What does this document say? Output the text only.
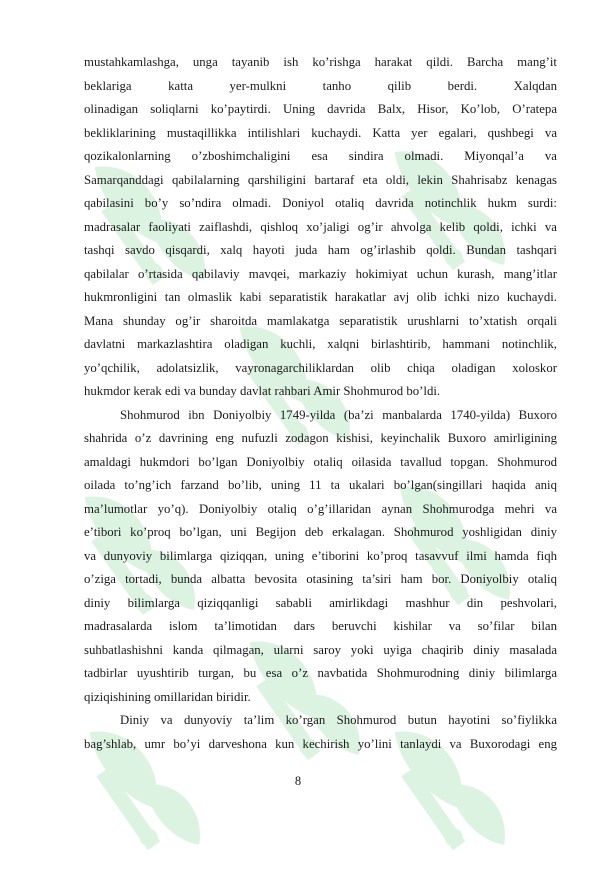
mustahkamlashga, unga tayanib ish ko’rishga harakat qildi. Barcha mang’it
beklariga katta yer-mulkni tanho qilib berdi. Xalqdan
olinadigan soliqlarni ko’paytirdi. Uning davrida Balx, Hisor, Ko’lob, O’ratepa
bekliklarining mustaqillikka intilishlari kuchaydi. Katta yer egalari, qushbegi va
qozikalonlarning o’zboshimchaligini esa sindira olmadi. Miyonqal’a va
Samarqanddagi qabilalarning qarshiligini bartaraf eta oldi, lekin Shahrisabz kenagas
qabilasini bo’y so’ndira olmadi. Doniyol otaliq davrida notinchlik hukm surdi:
madrasalar faoliyati zaiflashdi, qishloq xo’jaligi og’ir ahvolga kelib qoldi, ichki va
tashqi savdo qisqardi, xalq hayoti juda ham og’irlashib qoldi. Bundan tashqari
qabilalar o’rtasida qabilaviy mavqei, markaziy hokimiyat uchun kurash, mang’itlar
hukmronligini tan olmaslik kabi separatistik harakatlar avj olib ichki nizo kuchaydi.
Mana shunday og’ir sharoitda mamlakatga separatistik urushlarni to’xtatish orqali
davlatni markazlashtira oladigan kuchli, xalqni birlashtirib, hammani notinchlik,
yo’qchilik, adolatsizlik, vayronagarchiliklardan olib chiqa oladigan xoloskor
hukmdor kerak edi va bunday davlat rahbari Amir Shohmurod bo’ldi.
Shohmurod ibn Doniyolbiy 1749-yilda (ba’zi manbalarda 1740-yilda) Buxoro
shahrida o’z davrining eng nufuzli zodagon kishisi, keyinchalik Buxoro amirligining
amaldagi hukmdori bo’lgan Doniyolbiy otaliq oilasida tavallud topgan. Shohmurod
oilada to’ng’ich farzand bo’lib, uning 11 ta ukalari bo’lgan(singillari haqida aniq
ma’lumotlar yo’q). Doniyolbiy otaliq o’g’illaridan aynan Shohmurodga mehri va
e’tibori ko’proq bo’lgan, uni Begijon deb erkalagan. Shohmurod yoshligidan diniy
va dunyoviy bilimlarga qiziqqan, uning e’tiborini ko’proq tasavvuf ilmi hamda fiqh
o’ziga tortadi, bunda albatta bevosita otasining ta’siri ham bor. Doniyolbiy otaliq
diniy bilimlarga qiziqqanligi sababli amirlikdagi mashhur din peshvolari,
madrasalarda islom ta’limotidan dars beruvchi kishilar va so’filar bilan
suhbatlashishni kanda qilmagan, ularni saroy yoki uyiga chaqirib diniy masalada
tadbirlar uyushtirib turgan, bu esa o’z navbatida Shohmurodning diniy bilimlarga
qiziqishining omillaridan biridir.
Diniy va dunyoviy ta’lim ko’rgan Shohmurod butun hayotini so’fiylikka
bag’shlab, umr bo’yi darveshona kun kechirish yo’lini tanlaydi va Buxorodagi eng
8
